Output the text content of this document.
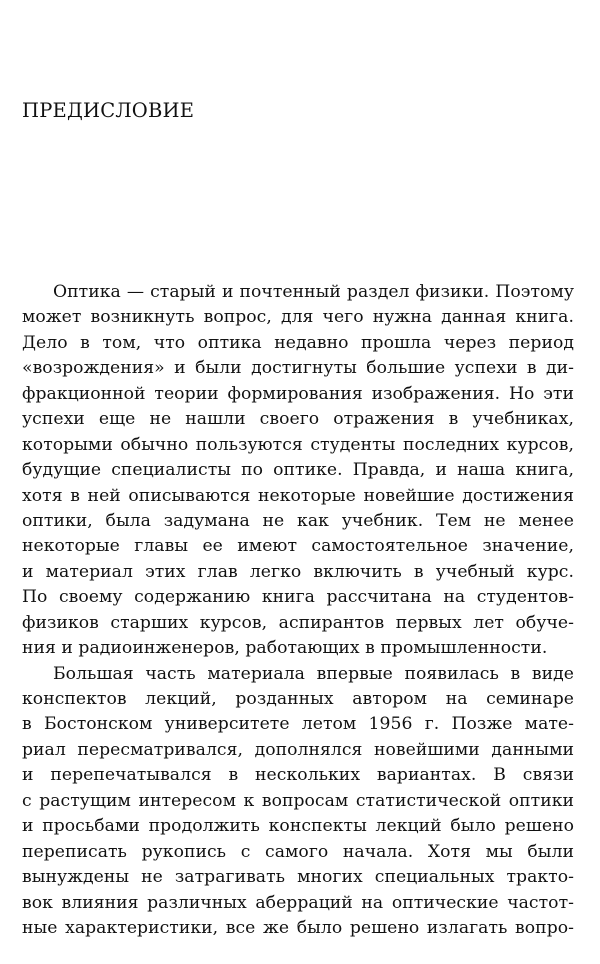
ПРЕДИСЛОВИЕ
Оптика — старый и почтенный раздел физики. Поэтому
может возникнуть вопрос, для чего нужна данная книга.
Дело в том, что оптика недавно прошла через период
«возрождения» и были достигнуты большие успехи в ди-
фракционной теории формирования изображения. Но эти
успехи еще не нашли своего отражения в учебниках,
которыми обычно пользуются студенты последних курсов,
будущие специалисты по оптике. Правда, и наша книга,
хотя в ней описываются некоторые новейшие достижения
оптики, была задумана не как учебник. Тем не менее
некоторые главы ее имеют самостоятельное значение,
и материал этих глав легко включить в учебный курс.
По своему содержанию книга рассчитана на студентов-
физиков старших курсов, аспирантов первых лет обуче-
ния и радиоинженеров, работающих в промышленности.
Большая часть материала впервые появилась в виде
конспектов лекций, розданных автором на семинаре
в Бостонском университете летом 1956 г. Позже мате-
риал пересматривался, дополнялся новейшими данными
и перепечатывался в нескольких вариантах. В связи
с растущим интересом к вопросам статистической оптики
и просьбами продолжить конспекты лекций было решено
переписать рукопись с самого начала. Хотя мы были
вынуждены не затрагивать многих специальных тракто-
вок влияния различных аберраций на оптические частот-
ные характеристики, все же было решено излагать вопро-
